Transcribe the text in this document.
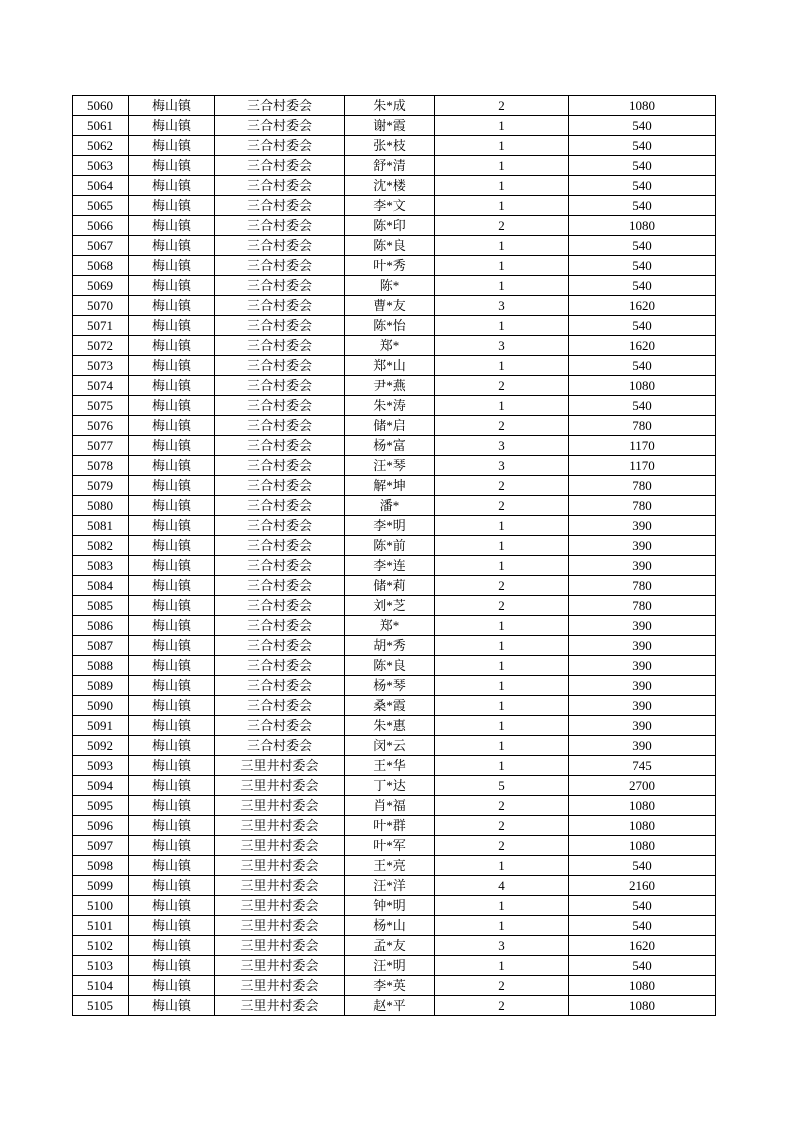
5060	梅山镇	三合村委会	朱*成	2	1080
5061	梅山镇	三合村委会	谢*霞	1	540
5062	梅山镇	三合村委会	张*枝	1	540
5063	梅山镇	三合村委会	舒*清	1	540
5064	梅山镇	三合村委会	沈*楼	1	540
5065	梅山镇	三合村委会	李*文	1	540
5066	梅山镇	三合村委会	陈*印	2	1080
5067	梅山镇	三合村委会	陈*良	1	540
5068	梅山镇	三合村委会	叶*秀	1	540
5069	梅山镇	三合村委会	陈*	1	540
5070	梅山镇	三合村委会	曹*友	3	1620
5071	梅山镇	三合村委会	陈*怡	1	540
5072	梅山镇	三合村委会	郑*	3	1620
5073	梅山镇	三合村委会	郑*山	1	540
5074	梅山镇	三合村委会	尹*燕	2	1080
5075	梅山镇	三合村委会	朱*涛	1	540
5076	梅山镇	三合村委会	储*启	2	780
5077	梅山镇	三合村委会	杨*富	3	1170
5078	梅山镇	三合村委会	汪*琴	3	1170
5079	梅山镇	三合村委会	解*坤	2	780
5080	梅山镇	三合村委会	潘*	2	780
5081	梅山镇	三合村委会	李*明	1	390
5082	梅山镇	三合村委会	陈*前	1	390
5083	梅山镇	三合村委会	李*连	1	390
5084	梅山镇	三合村委会	储*莉	2	780
5085	梅山镇	三合村委会	刘*芝	2	780
5086	梅山镇	三合村委会	郑*	1	390
5087	梅山镇	三合村委会	胡*秀	1	390
5088	梅山镇	三合村委会	陈*良	1	390
5089	梅山镇	三合村委会	杨*琴	1	390
5090	梅山镇	三合村委会	桑*霞	1	390
5091	梅山镇	三合村委会	朱*惠	1	390
5092	梅山镇	三合村委会	闵*云	1	390
5093	梅山镇	三里井村委会	王*华	1	745
5094	梅山镇	三里井村委会	丁*达	5	2700
5095	梅山镇	三里井村委会	肖*福	2	1080
5096	梅山镇	三里井村委会	叶*群	2	1080
5097	梅山镇	三里井村委会	叶*军	2	1080
5098	梅山镇	三里井村委会	王*亮	1	540
5099	梅山镇	三里井村委会	汪*洋	4	2160
5100	梅山镇	三里井村委会	钟*明	1	540
5101	梅山镇	三里井村委会	杨*山	1	540
5102	梅山镇	三里井村委会	孟*友	3	1620
5103	梅山镇	三里井村委会	汪*明	1	540
5104	梅山镇	三里井村委会	李*英	2	1080
5105	梅山镇	三里井村委会	赵*平	2	1080
